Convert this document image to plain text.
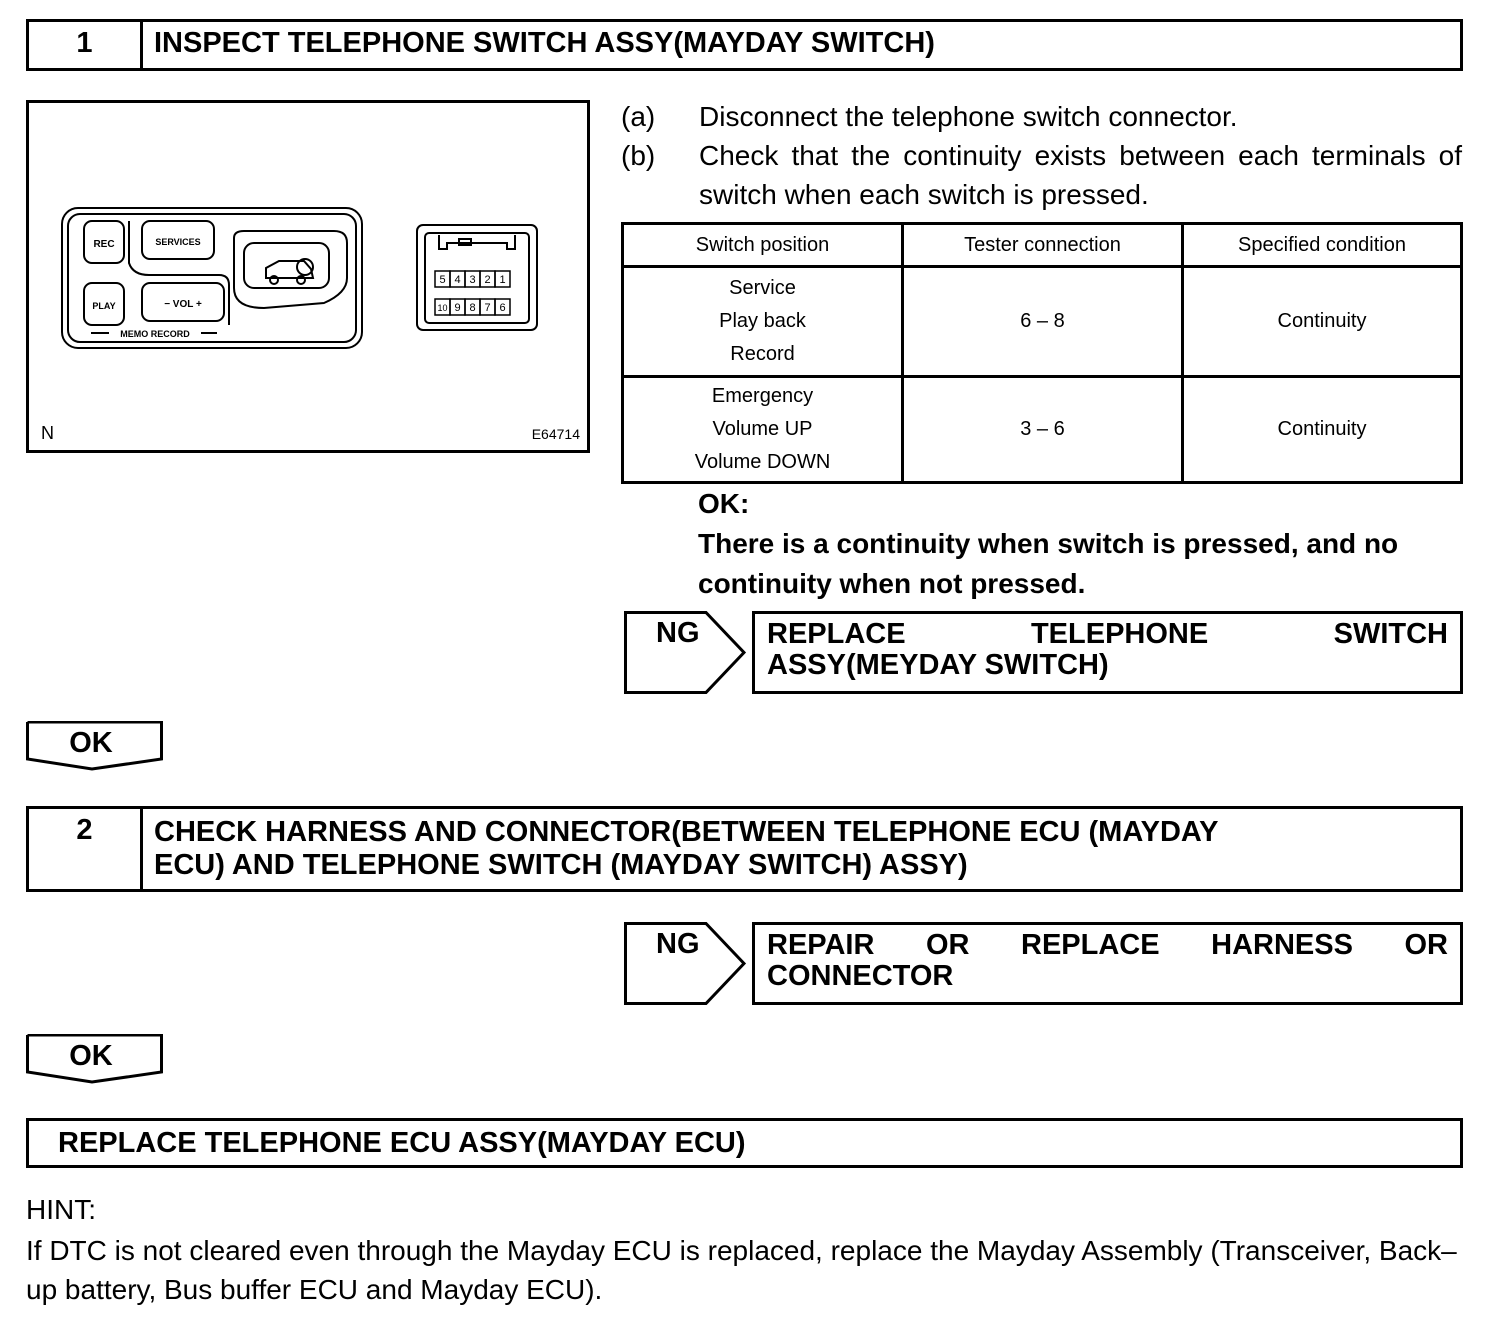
1	INSPECT TELEPHONE SWITCH ASSY(MAYDAY SWITCH)
5 4 3 2 1
10 9 8 7 6
REC	SERVICES
PLAY	− VOL +
MEMO RECORD
N	E64714
(a) Disconnect the telephone switch connector.
(b) Check that the continuity exists between each terminals of switch when each switch is pressed.
Switch position	Tester connection	Specified condition

Service
Play back
Record	6 – 8	Continuity

Emergency
Volume UP
Volume DOWN	3 – 6	Continuity
OK:
There is a continuity when switch is pressed, and no continuity when not pressed.
NG REPLACE TELEPHONE SWITCH
ASSY(MEYDAY SWITCH)
OK
2	CHECK HARNESS AND CONNECTOR(BETWEEN TELEPHONE ECU (MAYDAY
ECU) AND TELEPHONE SWITCH (MAYDAY SWITCH) ASSY)
NG REPAIR OR REPLACE HARNESS OR
CONNECTOR
OK
REPLACE TELEPHONE ECU ASSY(MAYDAY ECU)
HINT:
If DTC is not cleared even through the Mayday ECU is replaced, replace the Mayday Assembly (Transceiver, Back–up battery, Bus buffer ECU and Mayday ECU).
